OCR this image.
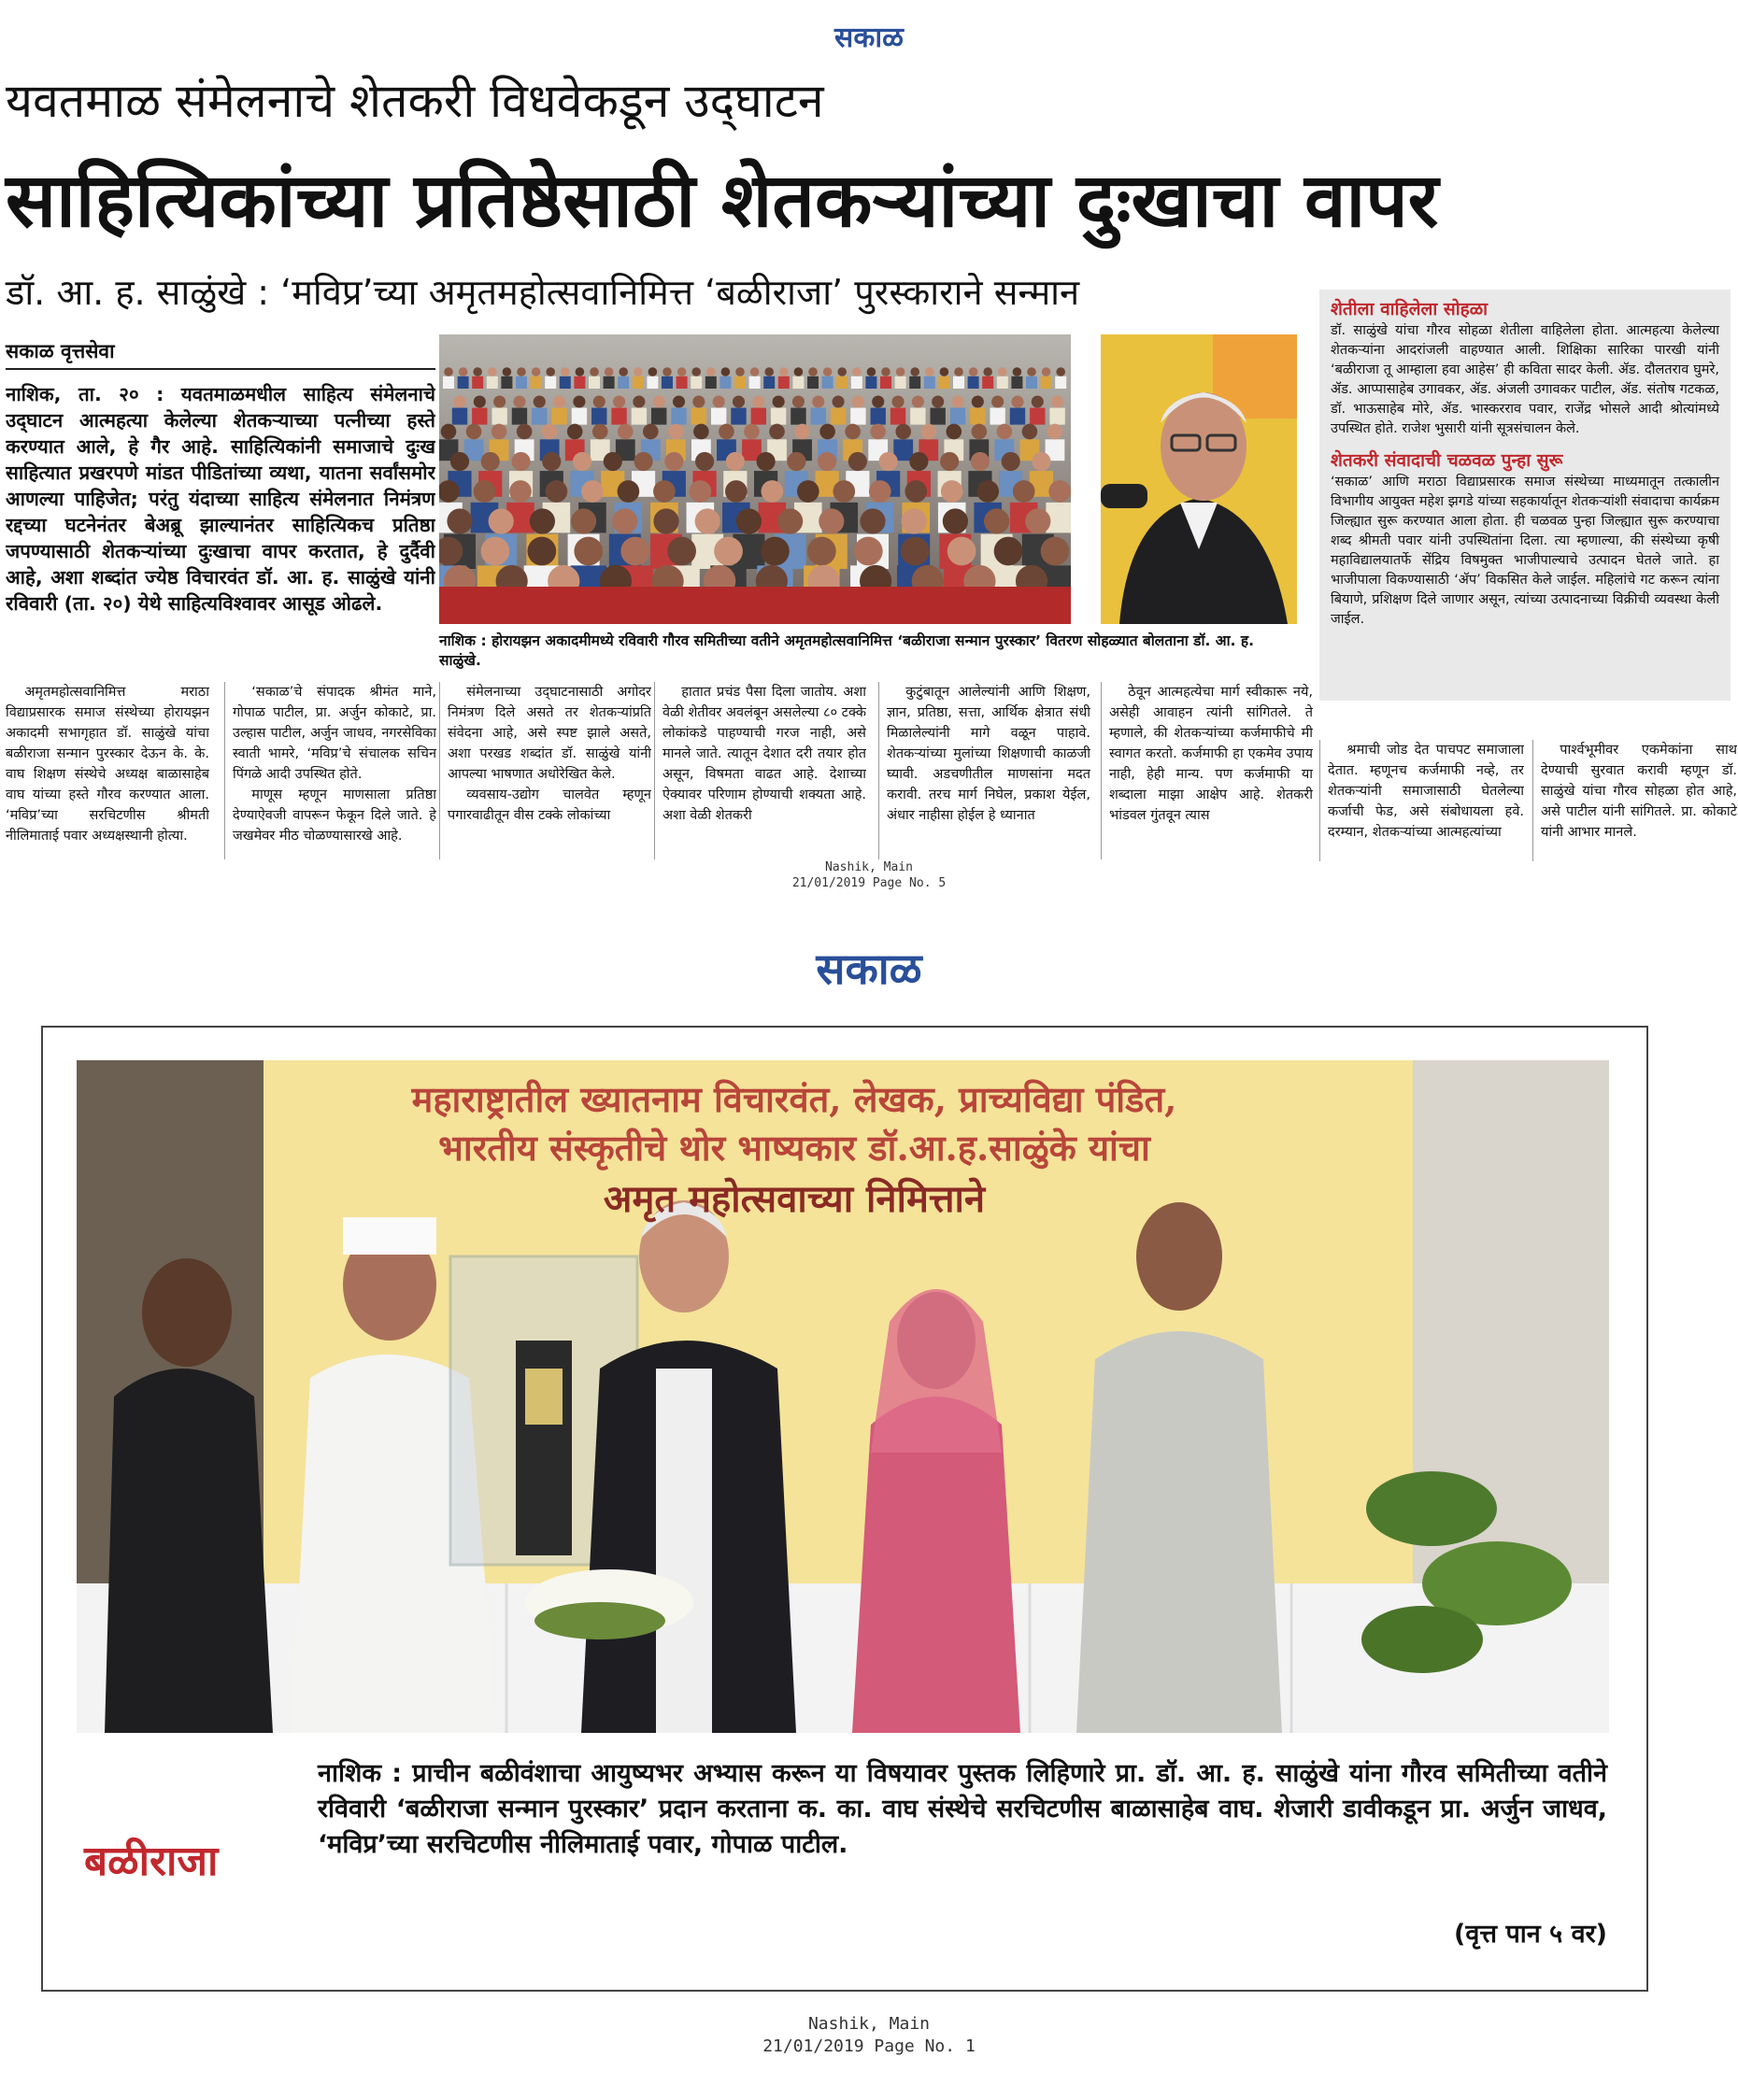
सकाळ
यवतमाळ संमेलनाचे शेतकरी विधवेकडून उद्‌घाटन
साहित्यिकांच्या प्रतिष्ठेसाठी शेतकऱ्यांच्या दुःखाचा वापर
डॉ. आ. ह. साळुंखे : ‘मविप्र’च्या अमृतमहोत्सवानिमित्त ‘बळीराजा’ पुरस्काराने सन्मान
सकाळ वृत्तसेवा
नाशिक, ता. २० : यवतमाळमधील साहित्य संमेलनाचे उद्‌घाटन आत्महत्या केलेल्या शेतकऱ्याच्या पत्नीच्या हस्ते करण्यात आले, हे गैर आहे. साहित्यिकांनी समाजाचे दुःख साहित्यात प्रखरपणे मांडत पीडितांच्या व्यथा, यातना सर्वांसमोर आणल्या पाहिजेत; परंतु यंदाच्या साहित्य संमेलनात निमंत्रण रद्दच्या घटनेनंतर बेअब्रू झाल्यानंतर साहित्यिकच प्रतिष्ठा जपण्यासाठी शेतकऱ्यांच्या दुःखाचा वापर करतात, हे दुर्दैवी आहे, अशा शब्दांत ज्येष्ठ विचारवंत डॉ. आ. ह. साळुंखे यांनी रविवारी (ता. २०) येथे साहित्यविश्वावर आसूड ओढले.
नाशिक : होरायझन अकादमीमध्ये रविवारी गौरव समितीच्या वतीने अमृतमहोत्सवानिमित्त ‘बळीराजा सन्मान पुरस्कार’ वितरण सोहळ्यात बोलताना डॉ. आ. ह. साळुंखे.
शेतीला वाहिलेला सोहळा
डॉ. साळुंखे यांचा गौरव सोहळा शेतीला वाहिलेला होता. आत्महत्या केलेल्या शेतकऱ्यांना आदरांजली वाहण्यात आली. शिक्षिका सारिका पारखी यांनी ‘बळीराजा तू आम्हाला हवा आहेस’ ही कविता सादर केली. ॲड. दौलतराव घुमरे, ॲड. आप्पासाहेब उगावकर, ॲड. अंजली उगावकर पाटील, ॲड. संतोष गटकळ, डॉ. भाऊसाहेब मोरे, ॲड. भास्करराव पवार, राजेंद्र भोसले आदी श्रोत्यांमध्ये उपस्थित होते. राजेश भुसारी यांनी सूत्रसंचालन केले.
शेतकरी संवादाची चळवळ पुन्हा सुरू
‘सकाळ’ आणि मराठा विद्याप्रसारक समाज संस्थेच्या माध्यमातून तत्कालीन विभागीय आयुक्त महेश झगडे यांच्या सहकार्यातून शेतकऱ्यांशी संवादाचा कार्यक्रम जिल्ह्यात सुरू करण्यात आला होता. ही चळवळ पुन्हा जिल्ह्यात सुरू करण्याचा शब्द श्रीमती पवार यांनी उपस्थितांना दिला. त्या म्हणाल्या, की संस्थेच्या कृषी महाविद्यालयातर्फे सेंद्रिय विषमुक्त भाजीपाल्याचे उत्पादन घेतले जाते. हा भाजीपाला विकण्यासाठी ‘ॲप’ विकसित केले जाईल. महिलांचे गट करून त्यांना बियाणे, प्रशिक्षण दिले जाणार असून, त्यांच्या उत्पादनाच्या विक्रीची व्यवस्था केली जाईल.

अमृतमहोत्सवानिमित्त मराठा विद्याप्रसारक समाज संस्थेच्या होरायझन अकादमी सभागृहात डॉ. साळुंखे यांचा बळीराजा सन्मान पुरस्कार देऊन के. के. वाघ शिक्षण संस्थेचे अध्यक्ष बाळासाहेब वाघ यांच्या हस्ते गौरव करण्यात आला. ‘मविप्र’च्या सरचिटणीस श्रीमती नीलिमाताई पवार अध्यक्षस्थानी होत्या.

‘सकाळ’चे संपादक श्रीमंत माने, गोपाळ पाटील, प्रा. अर्जुन कोकाटे, प्रा. उल्हास पाटील, अर्जुन जाधव, नगरसेविका स्वाती भामरे, ‘मविप्र’चे संचालक सचिन पिंगळे आदी उपस्थित होते.

माणूस म्हणून माणसाला प्रतिष्ठा देण्याऐवजी वापरून फेकून दिले जाते. हे जखमेवर मीठ चोळण्यासारखे आहे.

संमेलनाच्या उद्‌घाटनासाठी अगोदर निमंत्रण दिले असते तर शेतकऱ्यांप्रति संवेदना आहे, असे स्पष्ट झाले असते, अशा परखड शब्दांत डॉ. साळुंखे यांनी आपल्या भाषणात अधोरेखित केले.

व्यवसाय-उद्योग चालवेत म्हणून पगारवाढीतून वीस टक्के लोकांच्या

हातात प्रचंड पैसा दिला जातोय. अशा वेळी शेतीवर अवलंबून असलेल्या ८० टक्के लोकांकडे पाहण्याची गरज नाही, असे मानले जाते. त्यातून देशात दरी तयार होत असून, विषमता वाढत आहे. देशाच्या ऐक्यावर परिणाम होण्याची शक्यता आहे. अशा वेळी शेतकरी

कुटुंबातून आलेल्यांनी आणि शिक्षण, ज्ञान, प्रतिष्ठा, सत्ता, आर्थिक क्षेत्रात संधी मिळालेल्यांनी मागे वळून पाहावे. शेतकऱ्यांच्या मुलांच्या शिक्षणाची काळजी घ्यावी. अडचणीतील माणसांना मदत करावी. तरच मार्ग निघेल, प्रकाश येईल, अंधार नाहीसा होईल हे ध्यानात

ठेवून आत्महत्येचा मार्ग स्वीकारू नये, असेही आवाहन त्यांनी सांगितले. ते म्हणाले, की शेतकऱ्यांच्या कर्जमाफीचे मी स्वागत करतो. कर्जमाफी हा एकमेव उपाय नाही, हेही मान्य. पण कर्जमाफी या शब्दाला माझा आक्षेप आहे. शेतकरी भांडवल गुंतवून त्यास

श्रमाची जोड देत पाचपट समाजाला देतात. म्हणूनच कर्जमाफी नव्हे, तर शेतकऱ्यांनी समाजासाठी घेतलेल्या कर्जाची फेड, असे संबोधायला हवे. दरम्यान, शेतकऱ्यांच्या आत्महत्यांच्या

पार्श्वभूमीवर एकमेकांना साथ देण्याची सुरवात करावी म्हणून डॉ. साळुंखे यांचा गौरव सोहळा होत आहे, असे पाटील यांनी सांगितले. प्रा. कोकाटे यांनी आभार मानले.

Nashik, Main
21/01/2019 Page No. 5
सकाळ
महाराष्ट्रातील ख्यातनाम विचारवंत, लेखक, प्राच्यविद्या पंडित,
भारतीय संस्कृतीचे थोर भाष्यकार डॉ.आ.ह.साळुंके यांचा
अमृत महोत्सवाच्या निमित्ताने
बळीराजा
नाशिक : प्राचीन बळीवंशाचा आयुष्यभर अभ्यास करून या विषयावर पुस्तक लिहिणारे प्रा. डॉ. आ. ह. साळुंखे यांना गौरव समितीच्या वतीने रविवारी ‘बळीराजा सन्मान पुरस्कार’ प्रदान करताना क. का. वाघ संस्थेचे सरचिटणीस बाळासाहेब वाघ. शेजारी डावीकडून प्रा. अर्जुन जाधव, ‘मविप्र’च्या सरचिटणीस नीलिमाताई पवार, गोपाळ पाटील.
(वृत्त पान ५ वर)
Nashik, Main
21/01/2019 Page No. 1
